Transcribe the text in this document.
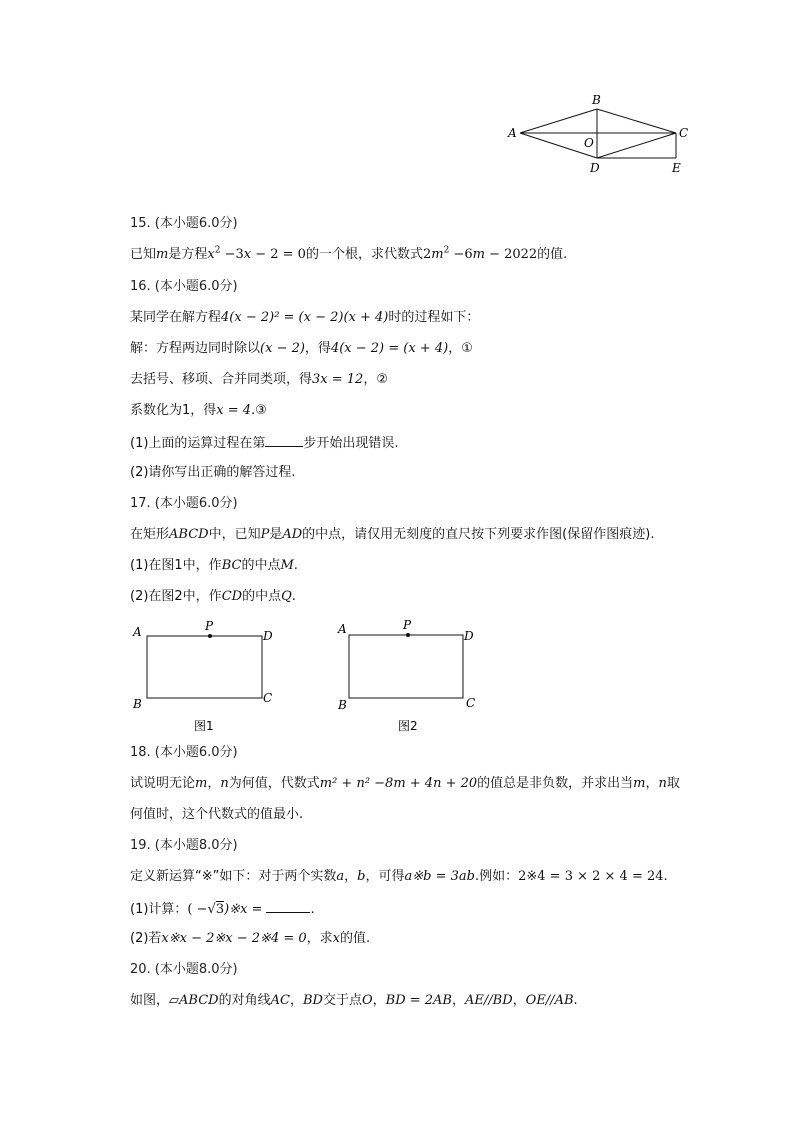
A
B
C
O
D	E
15. (本小题6.0分)
已知m是方程$x^2 -3x - 2 = 0$的一个根，求代数式$2m^2 -6m - 2022$的值.
16. (本小题6.0分)
某同学在解方程4(x − 2)² = (x − 2)(x + 4)时的过程如下：
解：方程两边同时除以(x − 2)，得4(x − 2) = (x + 4)，①
去括号、移项、合并同类项，得3x = 12，②
系数化为1，得x = 4.③
(1)上面的运算过程在第	步开始出现错误.
(2)请你写出正确的解答过程.
17. (本小题6.0分)
在矩形ABCD中，已知P是AD的中点，请仅用无刻度的直尺按下列要求作图(保留作图痕迹).
(1)在图1中，作BC的中点M.
(2)在图2中，作CD的中点Q.
A	P
D
B	C
图1
A	P
D
B	C
图2
18. (本小题6.0分)
试说明无论m，n为何值，代数式m² + n² −8m + 4n + 20的值总是非负数，并求出当m，n取
何值时，这个代数式的值最小.
19. (本小题8.0分)
定义新运算“※”如下：对于两个实数a，b，可得a※b = 3ab.例如：2※4 = 3 × 2 × 4 = 24.
(1)计算：( −√3)※x =	.
(2)若x※x − 2※x − 2※4 = 0，求x的值.
20. (本小题8.0分)
如图，▱ABCD的对角线AC，BD交于点O，BD = 2AB，AE//BD，OE//AB.
